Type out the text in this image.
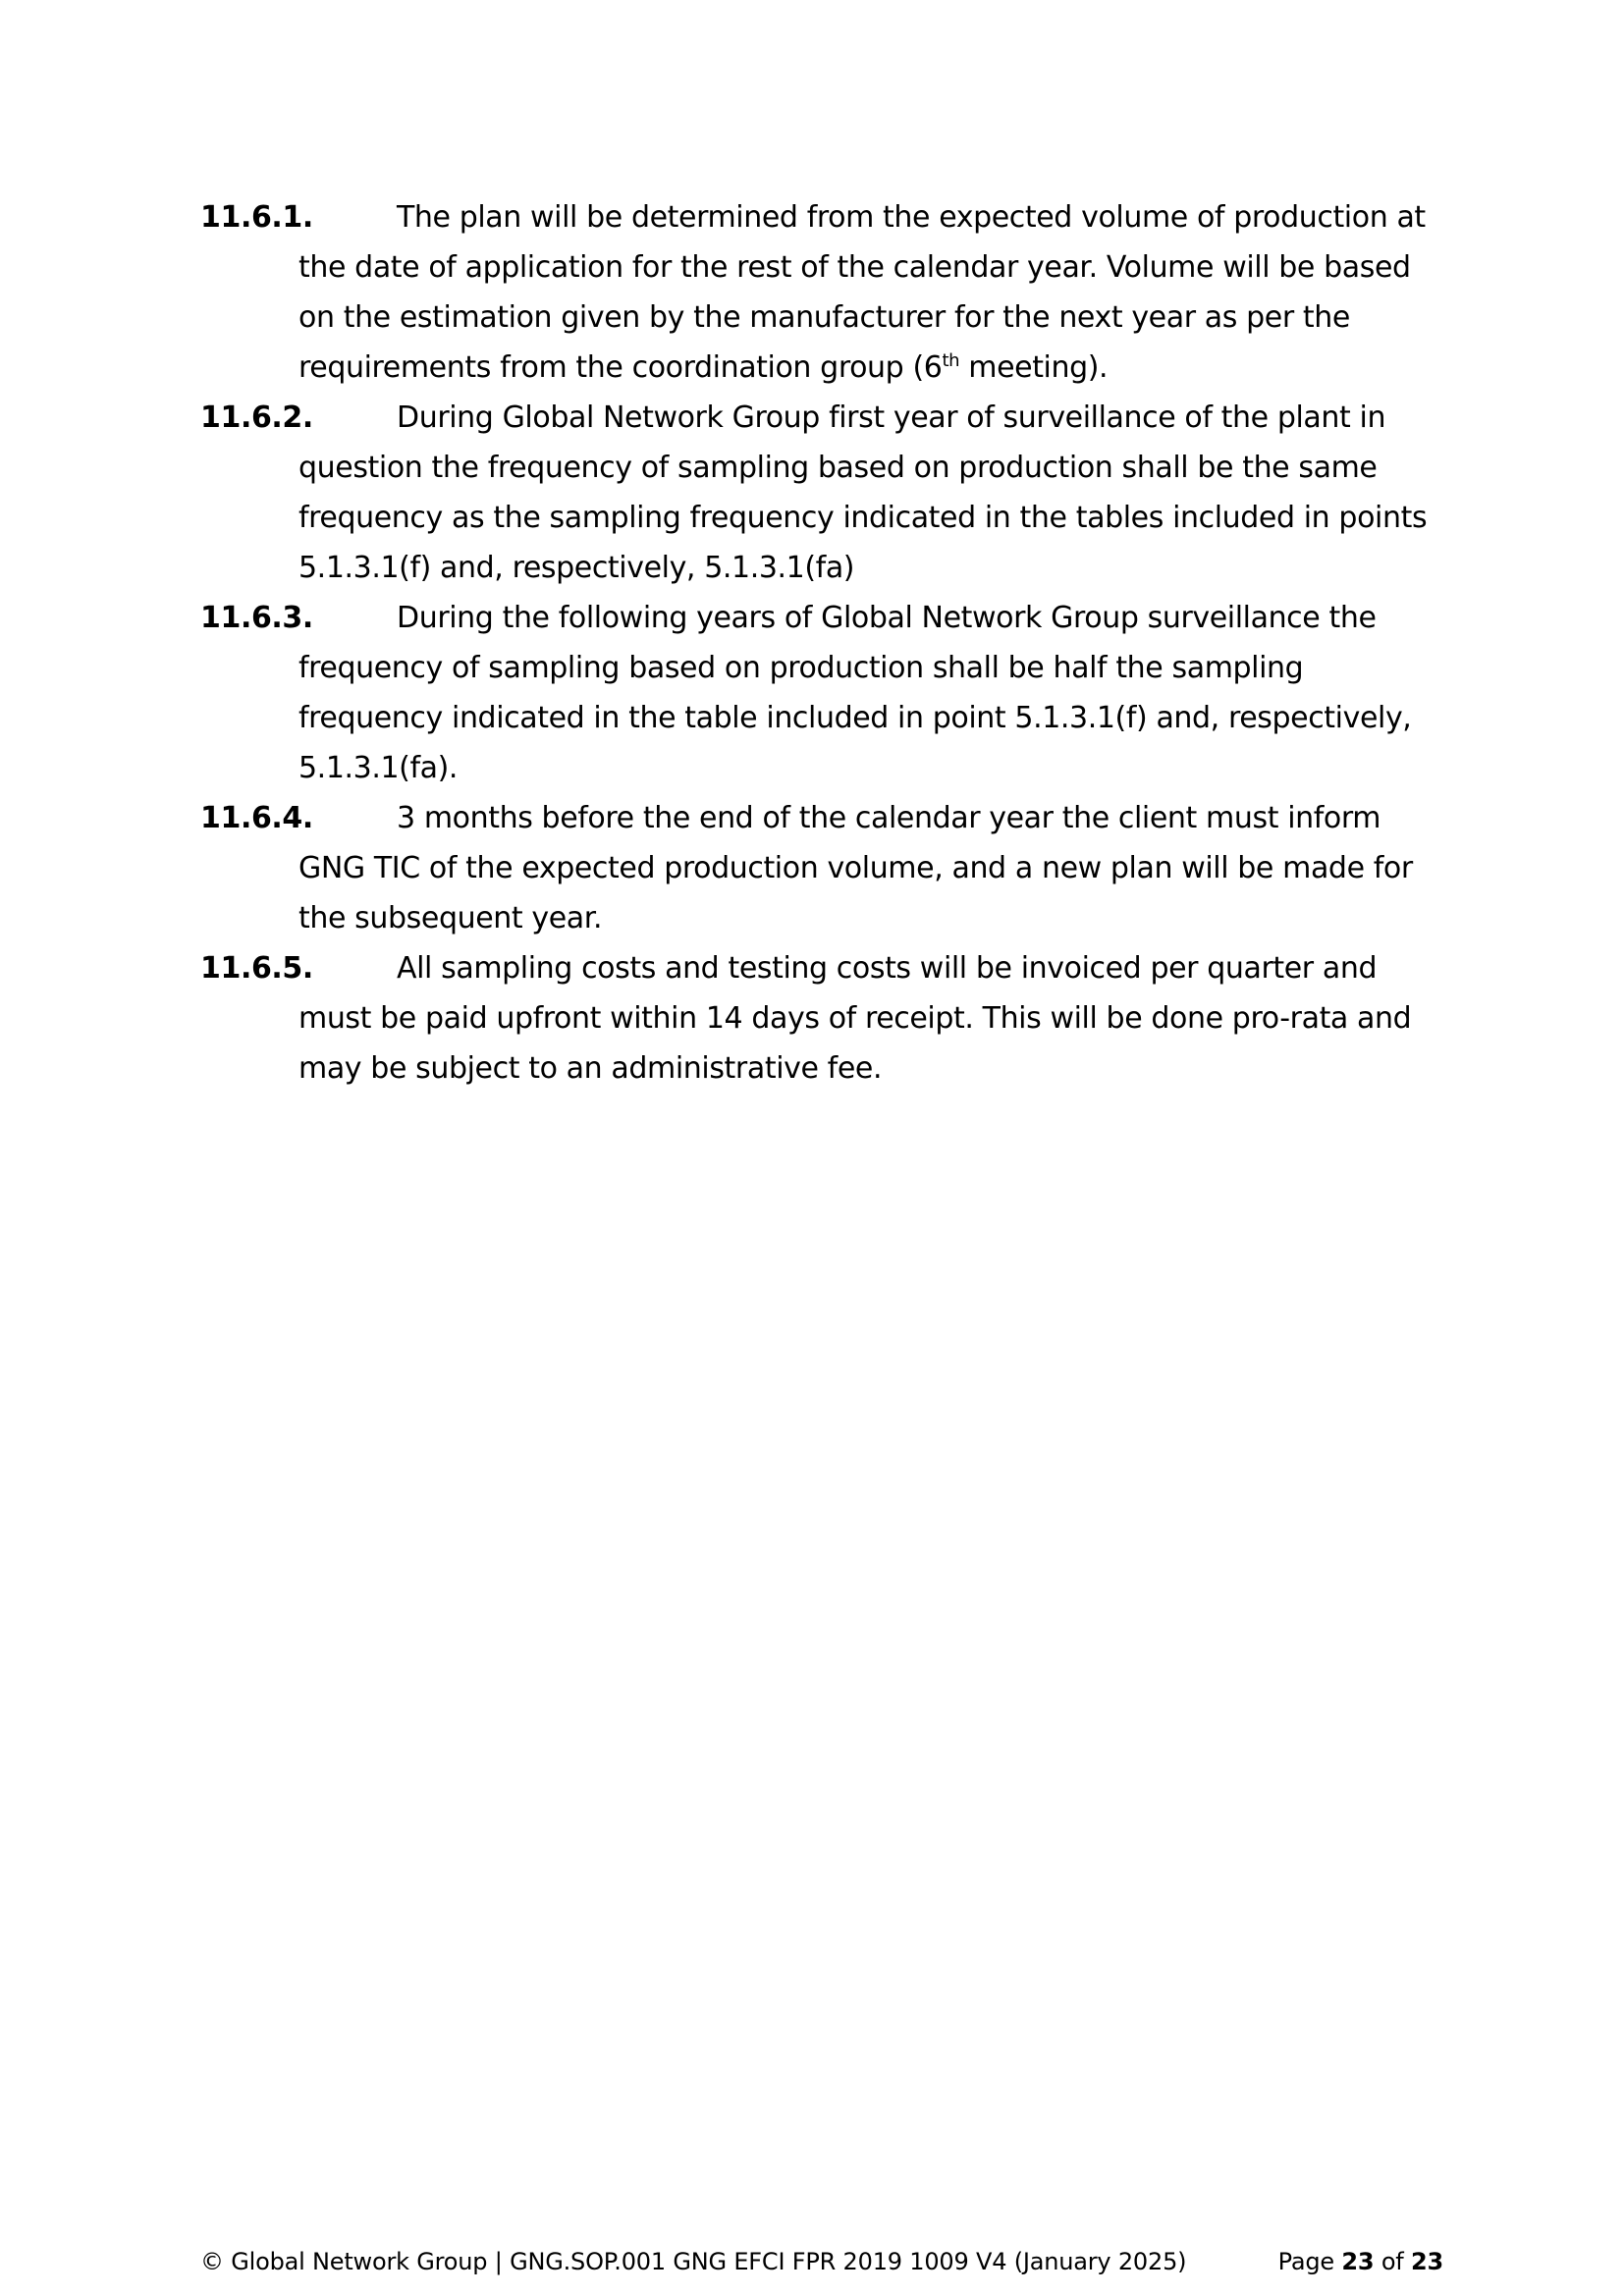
11.6.1.	The plan will be determined from the expected volume of production at the date of application for the rest of the calendar year. Volume will be based on the estimation given by the manufacturer for the next year as per the requirements from the coordination group (6th meeting).
11.6.2.	During Global Network Group first year of surveillance of the plant in question the frequency of sampling based on production shall be the same frequency as the sampling frequency indicated in the tables included in points 5.1.3.1(f) and, respectively, 5.1.3.1(fa)
11.6.3.	During the following years of Global Network Group surveillance the frequency of sampling based on production shall be half the sampling frequency indicated in the table included in point 5.1.3.1(f) and, respectively, 5.1.3.1(fa).
11.6.4.	3 months before the end of the calendar year the client must inform GNG TIC of the expected production volume, and a new plan will be made for the subsequent year.
11.6.5.	All sampling costs and testing costs will be invoiced per quarter and must be paid upfront within 14 days of receipt. This will be done pro-rata and may be subject to an administrative fee.
© Global Network Group | GNG.SOP.001 GNG EFCI FPR 2019 1009 V4 (January 2025)	Page 23 of 23
